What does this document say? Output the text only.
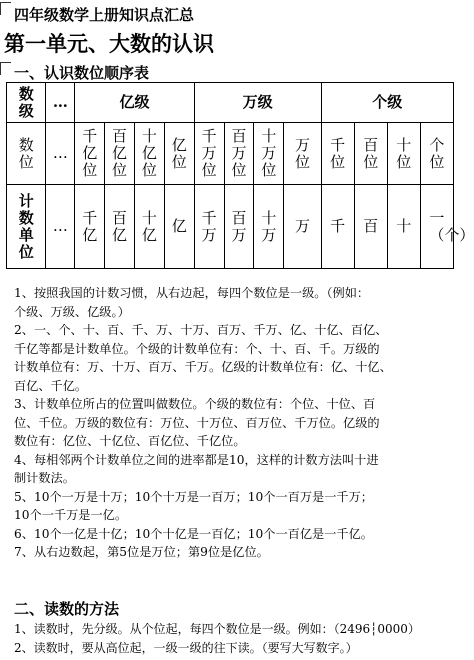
四年级数学上册知识点汇总
第一单元、大数的认识
一、认识数位顺序表
数级	…	亿级				万级				个级			
数位	…	千亿位	百亿位	十亿位	亿位	千万位	百万位	十万位	万位	千位	百位	十位	个位
计数单位	…	千亿	百亿	十亿	亿	千万	百万	十万	万	千	百	十	一（个）
1、按照我国的计数习惯，从右边起，每四个数位是一级。（例如：
个级、万级、亿级。）
2、一、个、十、百、千、万、十万、百万、千万、亿、十亿、百亿、
千亿等都是计数单位。个级的计数单位有：个、十、百、千。万级的
计数单位有：万、十万、百万、千万。亿级的计数单位有：亿、十亿、
百亿、千亿。
3、计数单位所占的位置叫做数位。个级的数位有：个位、十位、百
位、千位。万级的数位有：万位、十万位、百万位、千万位。亿级的
数位有：亿位、十亿位、百亿位、千亿位。
4、每相邻两个计数单位之间的进率都是10，这样的计数方法叫十进
制计数法。
5、10个一万是十万；10个十万是一百万；10个一百万是一千万；
10个一千万是一亿。
6、10个一亿是十亿；10个十亿是一百亿；10个一百亿是一千亿。
7、从右边数起，第5位是万位；第9位是亿位。
二、读数的方法
1、读数时，先分级。从个位起，每四个数位是一级。例如：（2496┆0000）
2、读数时，要从高位起，一级一级的往下读。（要写大写数字。）
